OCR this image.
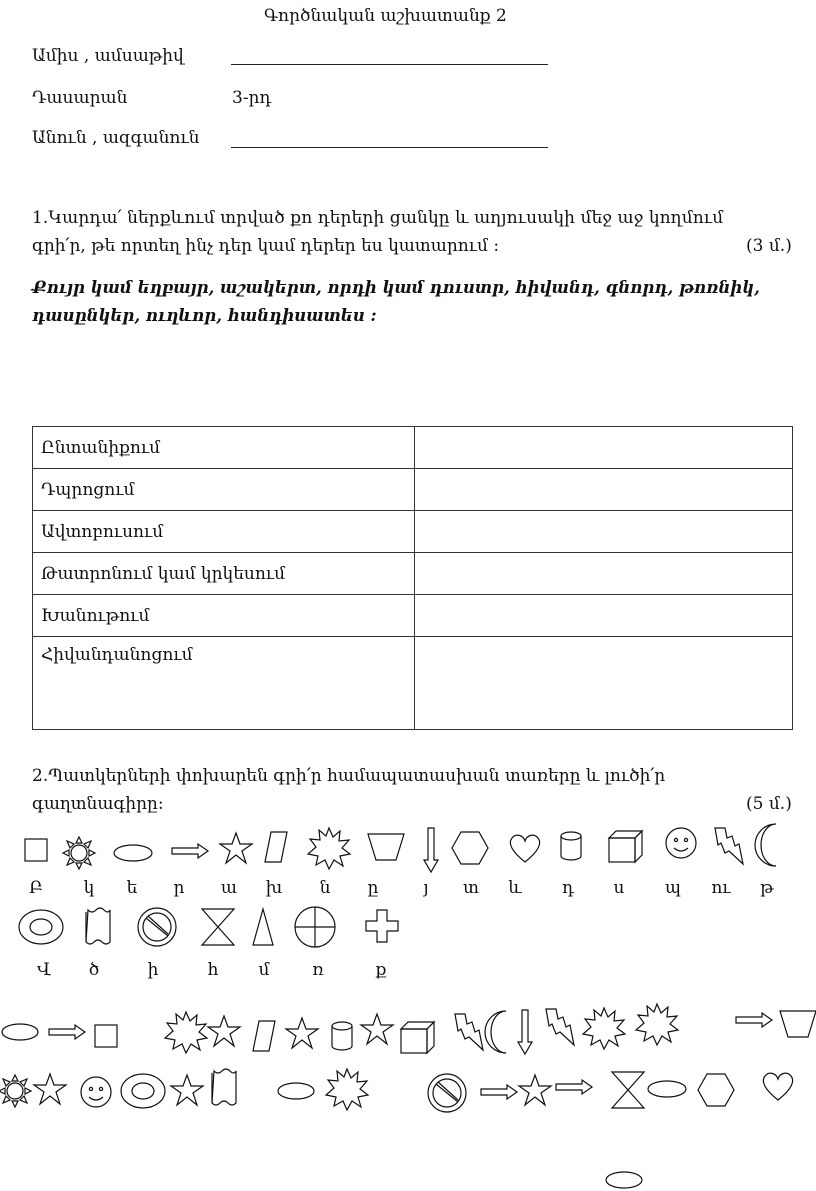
Գործնական աշխատանք 2
Ամիս , ամսաթիվ
Դասարան	3-րդ
Անուն , ազգանուն
1.Կարդա՛ ներքևում տրված քո դերերի ցանկը և աղյուսակի մեջ աջ կողմում
գրի՛ր, թե որտեղ ինչ դեր կամ դերեր ես կատարում :	(3 մ.)
Քույր կամ եղբայր, աշակերտ, որդի կամ դուստր, հիվանդ, գնորդ, թոռնիկ,
դասընկեր, ուղևոր, հանդիսատես :
Ընտանիքում	
Դպրոցում	
Ավտոբուսում	
Թատրոնում կամ կրկեսում	
Խանութում	
Հիվանդանոցում	
2.Պատկերների փոխարեն գրի՛ր համապատասխան տառերը և լուծի՛ր
գաղտնագիրը:	(5 մ.)
Բ	կ	ե	ր	ա խ	ն	ը	յ	տ	և	դ	ս	պ ու	թ
Վ	ծ	ի	հ	մ	ռ	ք
